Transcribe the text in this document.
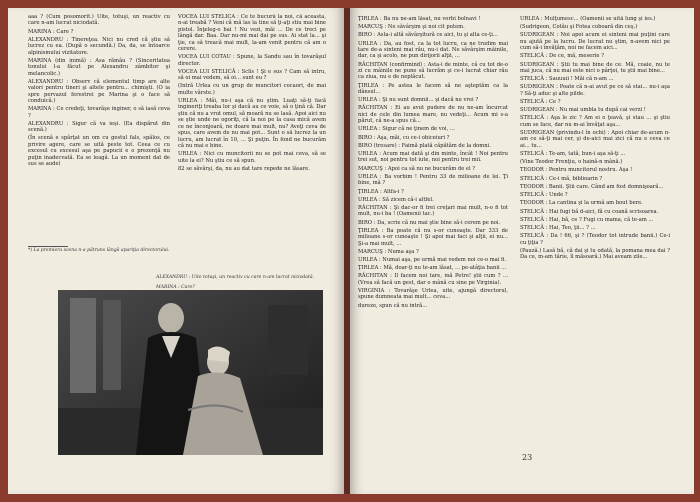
aaa ? (Cum posomorît.) Uite, totuşi, un reactiv cu care n-am lucrat niciodată.

MARINA : Care ?

ALEXANDRU : Tinereţea. Nici nu cred că ştiu să lucrez cu ea. (După o secundă.) Da, da, se întoarce alpinismului vizitatore.

MARINA (din inimă) : Asa rămâu ? (Sinceritatea tonului l-a făcut pe Alexandru zâmbitor şi melancolic.)

ALEXANDRU : Observ că elementul timp are alte valori pentru tineri şi altele pentru... chimişti. (O ia spre pervazul ferestrei pe Marina şi o face să conduică.)

MARINA : Ce credeţi, tovarăşe inginer, o să iasă ceva ?

ALEXANDRU : Sigur că va ieşi. (Ea dispărut din scenă.)

(În scenă e spărţat un om cu gestul fals, spălos, ce privire agere, care se uită peste tot. Ceea ce cu excesul cu excesul aşa pe papucii e o prezenţă nu puţin inadecvată. Ea se leagă. La un moment dat de sus se aude)

VOCEA LUI STELICĂ : Ce te bucură la noi, că aceasta, n-ai treabă ? Veni că mă las la tine să ţi-aţi stiu mai bine pistol. Înţeleg-o bai ! Nu vezi, măi ... De ce treci pe lângă dar. Baa. Dar nu-mi mai dai pe sus. Ai stat la... şi ţie, ca să treacă mai mult, la-am venit pentru că am o cerere.

VOCEA LUI COTAU : Spune, la Sandu sau în tovarăşul director.

VOCEA LUI STELICĂ : Sclis ! Şi e sus ? Cam să intru, să oi mai vedem, să oi... sunt eu ?

(Intră Urlea cu un grup de muncitori cocaori, de mai multe vârste.)

URLEA : Măi, nu-i aşa că nu ştim. Luaţi să-ţi facă ingineriţi treaba lor şi dacă au ce voie, să o ţină că. Dar ştiu că nu a vrut omul, să moară nu se lasă. Apoi aici nu se ştie unde ne ogoriţi, că la noi pe la casa mică avem ce ne înconjoară, ne doare mai mult, nu? Aveţi ceva de spus, care avem de nu mai pot... Sunt o să lucrez la un lucru, am lucrat în 10, ... Şi puţin. În fond ne bucurăm că nu mai e bine.

URLEA : Nici cu muncitorii nu se pot mai ceva, să se uite la ei? Nu ştiu ce să spun.

82 se săvârşi, da, nu au dat tare repede ne lăsare.

*) La premiera scena n-a pătruns lângă apariţia directorului.

ALEXANDRU : Uite totuşi, un reactiv cu care n-am lucrat niciodată.

MARINA : Care?

ŢIRLEA : Ba nu ne-am lăsat, nu vorbi bolnavi !

MARCUŞ : Ne săvârşim şi noi cit putem.

BIRO : Asta-i altă săvârşitură ce aici, tu şi alta ce-ţi...

URLEA : Da, au fost, ca la tot lucru, ca ne trudim mai tare de-a sinteni mai rău, nu-i dat. Ne săvârşim mâinile, dar, ca şi acolo, ne pun dirijorii alţii, ...

RĂCHITAN (confirmind) : Asta-i de minte, că cu tot de-o zi cu mâinile ne pune să lucrăm şi ce-i lucrat chiar rău ca ziua, nu e de neplăcut.

ŢIRLEA : Pe astea le facem să ne aşteptăm ca la dânsul...

URLEA : Şi nu sunt domnii... şi dacă nu vrei ?

RĂCHITAN : Ei au avut pudere de nu ne-am încurcat nici de cele din lumea mare, nu vedeţi... Acum mi s-a părut, că ne-a spus că...

URLEA : Sigur că ne ţinem de voi, ...

BIRO : Aşa, măi, cu ce-i obiceiuri ?

BIRO (tresare) : Faimă plată căpătăm de la domni.

URLEA : Acum mai dată şi din minte, încât ! Noi pentru trei sut, noi pentru tot iute, noi pentru trei mii.

MARCUŞ : Apoi ca să nu ne bucurăm de el ?

URLEA : Ba vorbim ! Pentru 33 de milioane de lei. Ţi bine, mă ?

ŢIRLEA : Altfa-i ?

URLEA : Să zicem că-i altfel.

RĂCHITAN : Şi dac-or fi trei creţari mai mult, n-o fi tot mult, nu-i ba ! (Oamenii tac.)

BIRO : Da, scrie că nu mai ştie bine să-i cerem pe noi.

ŢIRLEA : Ba poate că nu s-or cunoaşte. Dar 333 de milioane s-or cunoaşte ! Şi apoi mai faci şi alţii, ei nu... Şi-a mai mult, ...

MARCUŞ : Numa aşa ?

URLEA : Numai aşa, pe urmă mai vedem noi ce-o mai fi.

ŢIRLEA : Mă, doar-ţi nu te-am lăsat, ... pe-atâţia banii ...

RĂCHITAN : Il facem noi tare, mă Petre! ştii cum ? ... (Vrea să facă un gest, dar o mână cu sine pe Virginia).

VIRGINIA : Tovarăşe Urlea, uite, ajungă directorul, spune dumneata mai mult... ceva...

dureze, spun că nu intră...

URLEA : Mulţumesc... (Oamenii se uită lung şi ies.)

(Sudrigeon, Cotău şi Fotea coboară din ceş.)

SUDRIGEAN : Noi apoi acum ei sinteni mai puţini care nu ajută pe la lucru. De lucrat nu ştim, n-avem nici pe cum să-i învăţăm, noi ne facem aici...

STELICĂ : De ce, mă, meserie ?

SUDRIGEAN : Ştii tu mai bine de ce. Mă, coaie, nu te mai juca, că nu mai este nici o pârţoi, tu ştii mai bine...

STELICĂ : Sauuuii ! Măi că n-am ...

SUDRIGEAN : Poate că n-ai avut pe ce să stai... nu-i aşa ? Să-ţi aduc şi alte pilde.

STELICĂ : Ce ?

SUDRIGEAN : Nu mai umbla tu după cai verzi !

STELICĂ : Aşa le zic ? Am ei o ţeavă, şi stau ... şi ştiu cum se face, dar nu m-ai învăţat aşa...

SUDRIGEAN (privindu-l în ochi) : Apoi chiar de-acum n-am ce să-ţi mai cer, şi de-aici mai zici că nu e ceva ce ai... tu...

STELICĂ : Te-am, tată, bun-i aşa să-ţi ...

(Vine Teodor Frenţiu, o haină-n mână.)

TEODOR : Pentru muncitorul nostru. Aşa !

STELICĂ : Ce-i mă, biblioarin ?

TEODOR : Banii. Ştii care. Când am fost domnişoară...

STELICĂ : Unde ?

TEODOR : La cantina şi la urmă am bout bere.

STELICĂ : Hai fugi bă d-aici, fă cu coană scrisoarea.

STELICĂ : Hai, bă, ce ? Fugi cu mama, că te-am ...

STELICĂ : Hai, Teo, ţii... ? ...

STELICĂ : Da ! 66, şi ? (Teodor tot intrude banii.) Ce-i cu ţiţia ?

(Pauză.) Lasă bă, că dai şi tu odată, la pomana mea dai ? Da ce, m-am tărie, îl măsoară.) Mai aveam zile...

23
